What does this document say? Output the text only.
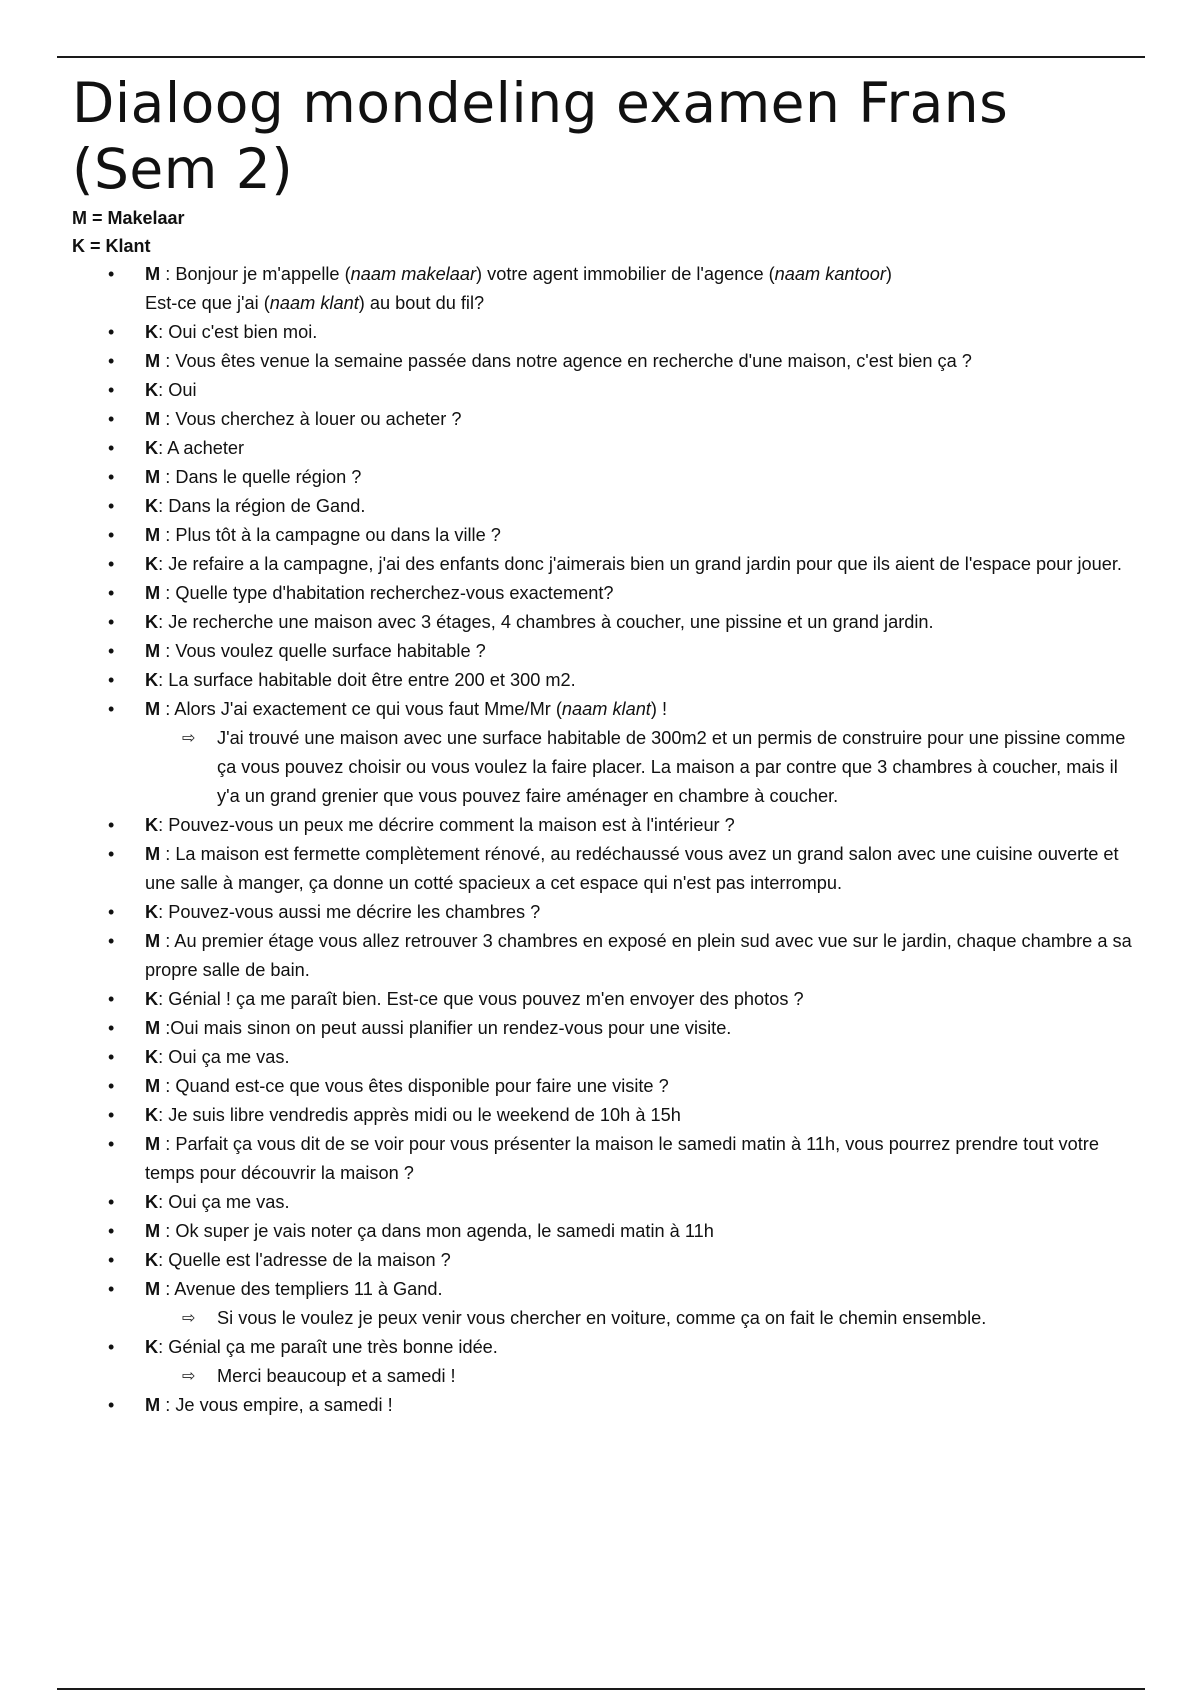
Dialoog mondeling examen Frans (Sem 2)
M = Makelaar
K = Klant
• M : Bonjour je m'appelle (naam makelaar) votre agent immobilier de l'agence (naam kantoor)
Est-ce que j'ai (naam klant) au bout du fil?
• K: Oui c'est bien moi.
• M : Vous êtes venue la semaine passée dans notre agence en recherche d'une maison, c'est bien ça ?
• K: Oui
• M : Vous cherchez à louer ou acheter ?
• K: A acheter
• M : Dans le quelle région ?
• K: Dans la région de Gand.
• M : Plus tôt à la campagne ou dans la ville ?
• K: Je refaire a la campagne, j'ai des enfants donc j'aimerais bien un grand jardin pour que ils aient de l'espace pour jouer.
• M : Quelle type d'habitation recherchez-vous exactement?
• K: Je recherche une maison avec 3 étages, 4 chambres à coucher, une pissine et un grand jardin.
• M : Vous voulez quelle surface habitable ?
• K: La surface habitable doit être entre 200 et 300 m2.
• M : Alors J'ai exactement ce qui vous faut Mme/Mr (naam klant) !
⇨ J'ai trouvé une maison avec une surface habitable de 300m2 et un permis de construire pour une pissine comme ça vous pouvez choisir ou vous voulez la faire placer. La maison a par contre que 3 chambres à coucher, mais il y'a un grand grenier que vous pouvez faire aménager en chambre à coucher.
• K: Pouvez-vous un peux me décrire comment la maison est à l'intérieur ?
• M : La maison est fermette complètement rénové, au redéchaussé vous avez un grand salon avec une cuisine ouverte et une salle à manger, ça donne un cotté spacieux a cet espace qui n'est pas interrompu.
• K: Pouvez-vous aussi me décrire les chambres ?
• M : Au premier étage vous allez retrouver 3 chambres en exposé en plein sud avec vue sur le jardin, chaque chambre a sa propre salle de bain.
• K: Génial ! ça me paraît bien. Est-ce que vous pouvez m'en envoyer des photos ?
• M :Oui mais sinon on peut aussi planifier un rendez-vous pour une visite.
• K: Oui ça me vas.
• M : Quand est-ce que vous êtes disponible pour faire une visite ?
• K: Je suis libre vendredis apprès midi ou le weekend de 10h à 15h
• M : Parfait ça vous dit de se voir pour vous présenter la maison le samedi matin à 11h, vous pourrez prendre tout votre temps pour découvrir la maison ?
• K: Oui ça me vas.
• M : Ok super je vais noter ça dans mon agenda, le samedi matin à 11h
• K: Quelle est l'adresse de la maison ?
• M : Avenue des templiers 11 à Gand.
⇨ Si vous le voulez je peux venir vous chercher en voiture, comme ça on fait le chemin ensemble.
• K: Génial ça me paraît une très bonne idée.
⇨ Merci beaucoup et a samedi !
• M : Je vous empire, a samedi !
